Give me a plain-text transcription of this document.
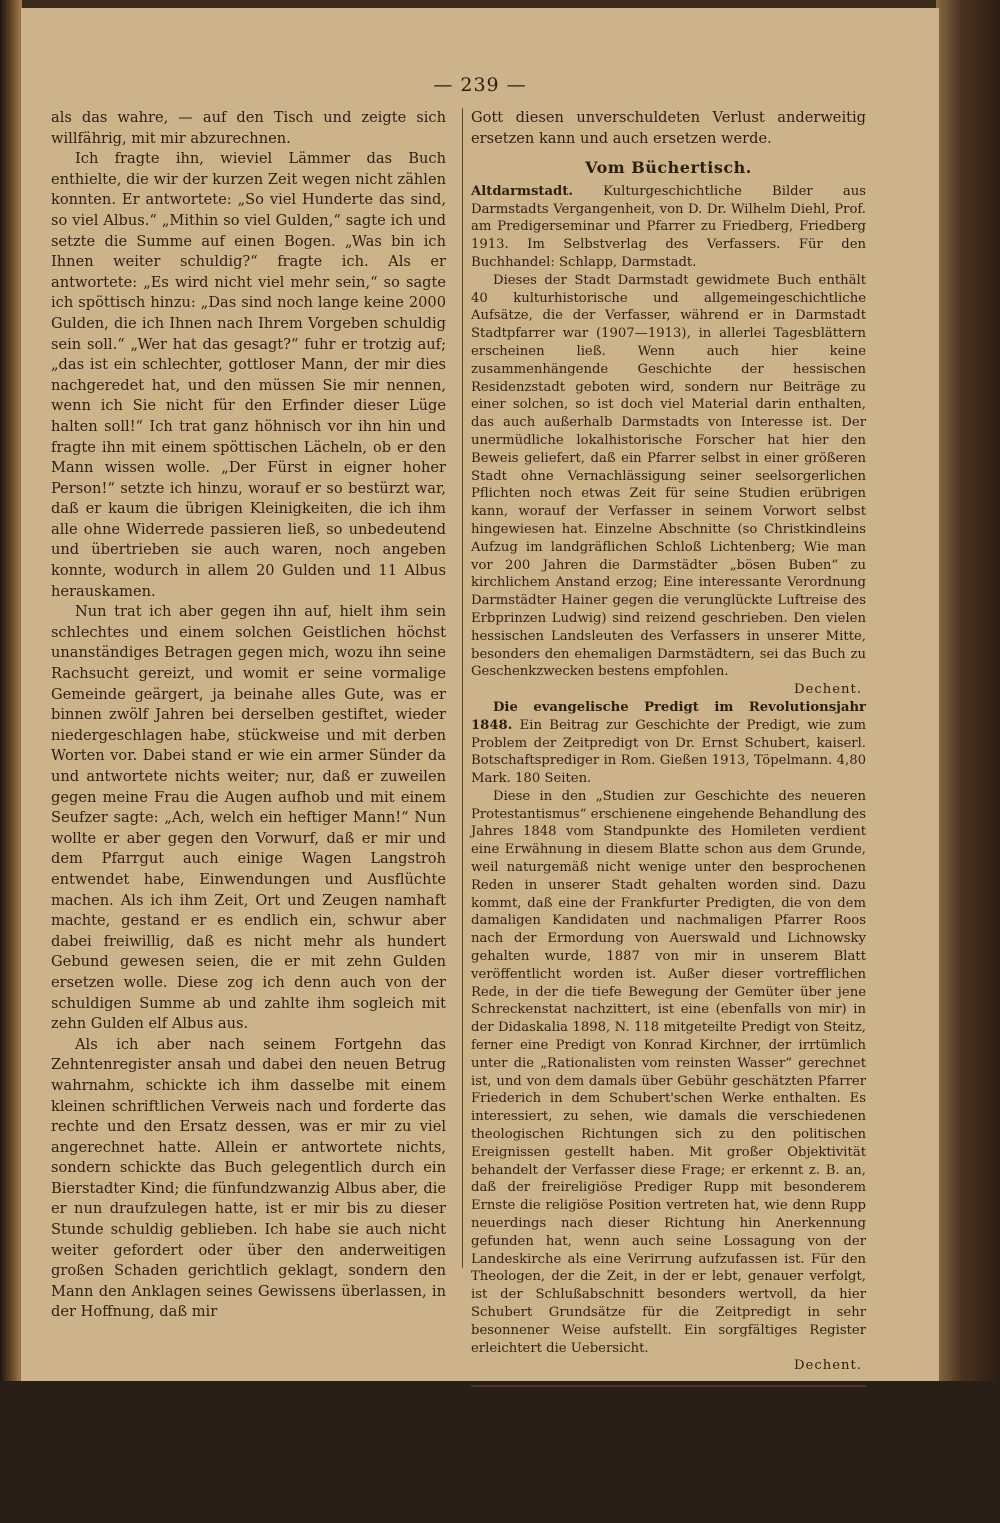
— 239 —

als das wahre, — auf den Tisch und zeigte sich willfährig, mit mir abzurechnen.

Ich fragte ihn, wieviel Lämmer das Buch enthielte, die wir der kurzen Zeit wegen nicht zählen konnten. Er antwortete: „So viel Hunderte das sind, so viel Albus.“ „Mithin so viel Gulden,“ sagte ich und setzte die Summe auf einen Bogen. „Was bin ich Ihnen weiter schuldig?“ fragte ich. Als er antwortete: „Es wird nicht viel mehr sein,“ so sagte ich spöttisch hinzu: „Das sind noch lange keine 2000 Gulden, die ich Ihnen nach Ihrem Vorgeben schuldig sein soll.“ „Wer hat das gesagt?“ fuhr er trotzig auf; „das ist ein schlechter, gottloser Mann, der mir dies nachgeredet hat, und den müssen Sie mir nennen, wenn ich Sie nicht für den Erfinder dieser Lüge halten soll!“ Ich trat ganz höhnisch vor ihn hin und fragte ihn mit einem spöttischen Lächeln, ob er den Mann wissen wolle. „Der Fürst in eigner hoher Person!“ setzte ich hinzu, worauf er so bestürzt war, daß er kaum die übrigen Kleinigkeiten, die ich ihm alle ohne Widerrede passieren ließ, so unbedeutend und übertrieben sie auch waren, noch angeben konnte, wodurch in allem 20 Gulden und 11 Albus herauskamen.

Nun trat ich aber gegen ihn auf, hielt ihm sein schlechtes und einem solchen Geistlichen höchst unanständiges Betragen gegen mich, wozu ihn seine Rachsucht gereizt, und womit er seine vormalige Gemeinde geärgert, ja beinahe alles Gute, was er binnen zwölf Jahren bei derselben gestiftet, wieder niedergeschlagen habe, stückweise und mit derben Worten vor. Dabei stand er wie ein armer Sünder da und antwortete nichts weiter; nur, daß er zuweilen gegen meine Frau die Augen aufhob und mit einem Seufzer sagte: „Ach, welch ein heftiger Mann!“ Nun wollte er aber gegen den Vorwurf, daß er mir und dem Pfarrgut auch einige Wagen Langstroh entwendet habe, Einwendungen und Ausflüchte machen. Als ich ihm Zeit, Ort und Zeugen namhaft machte, gestand er es endlich ein, schwur aber dabei freiwillig, daß es nicht mehr als hundert Gebund gewesen seien, die er mit zehn Gulden ersetzen wolle. Diese zog ich denn auch von der schuldigen Summe ab und zahlte ihm sogleich mit zehn Gulden elf Albus aus.

Als ich aber nach seinem Fortgehn das Zehntenregister ansah und dabei den neuen Betrug wahrnahm, schickte ich ihm dasselbe mit einem kleinen schriftlichen Verweis nach und forderte das rechte und den Ersatz dessen, was er mir zu viel angerechnet hatte. Allein er antwortete nichts, sondern schickte das Buch gelegentlich durch ein Bierstadter Kind; die fünfundzwanzig Albus aber, die er nun draufzulegen hatte, ist er mir bis zu dieser Stunde schuldig geblieben. Ich habe sie auch nicht weiter gefordert oder über den anderweitigen großen Schaden gerichtlich geklagt, sondern den Mann den Anklagen seines Gewissens überlassen, in der Hoffnung, daß mir

Gott diesen unverschuldeten Verlust anderweitig ersetzen kann und auch ersetzen werde.

Vom Büchertisch.

Altdarmstadt. Kulturgeschichtliche Bilder aus Darmstadts Vergangenheit, von D. Dr. Wilhelm Diehl, Prof. am Predigerseminar und Pfarrer zu Friedberg, Friedberg 1913. Im Selbstverlag des Verfassers. Für den Buchhandel: Schlapp, Darmstadt.

Dieses der Stadt Darmstadt gewidmete Buch enthält 40 kulturhistorische und allgemeingeschichtliche Aufsätze, die der Verfasser, während er in Darmstadt Stadtpfarrer war (1907—1913), in allerlei Tagesblättern erscheinen ließ. Wenn auch hier keine zusammenhängende Geschichte der hessischen Residenzstadt geboten wird, sondern nur Beiträge zu einer solchen, so ist doch viel Material darin enthalten, das auch außerhalb Darmstadts von Interesse ist. Der unermüdliche lokalhistorische Forscher hat hier den Beweis geliefert, daß ein Pfarrer selbst in einer größeren Stadt ohne Vernachlässigung seiner seelsorgerlichen Pflichten noch etwas Zeit für seine Studien erübrigen kann, worauf der Verfasser in seinem Vorwort selbst hingewiesen hat. Einzelne Abschnitte (so Christkindleins Aufzug im landgräflichen Schloß Lichtenberg; Wie man vor 200 Jahren die Darmstädter „bösen Buben“ zu kirchlichem Anstand erzog; Eine interessante Verordnung Darmstädter Hainer gegen die verunglückte Luftreise des Erbprinzen Ludwig) sind reizend geschrieben. Den vielen hessischen Landsleuten des Verfassers in unserer Mitte, besonders den ehemaligen Darmstädtern, sei das Buch zu Geschenkzwecken bestens empfohlen.

Dechent.

Die evangelische Predigt im Revolutionsjahr 1848. Ein Beitrag zur Geschichte der Predigt, wie zum Problem der Zeitpredigt von Dr. Ernst Schubert, kaiserl. Botschaftsprediger in Rom. Gießen 1913, Töpelmann. 4,80 Mark. 180 Seiten.

Diese in den „Studien zur Geschichte des neueren Protestantismus“ erschienene eingehende Behandlung des Jahres 1848 vom Standpunkte des Homileten verdient eine Erwähnung in diesem Blatte schon aus dem Grunde, weil naturgemäß nicht wenige unter den besprochenen Reden in unserer Stadt gehalten worden sind. Dazu kommt, daß eine der Frankfurter Predigten, die von dem damaligen Kandidaten und nachmaligen Pfarrer Roos nach der Ermordung von Auerswald und Lichnowsky gehalten wurde, 1887 von mir in unserem Blatt veröffentlicht worden ist. Außer dieser vortrefflichen Rede, in der die tiefe Bewegung der Gemüter über jene Schreckenstat nachzittert, ist eine (ebenfalls von mir) in der Didaskalia 1898, N. 118 mitgeteilte Predigt von Steitz, ferner eine Predigt von Konrad Kirchner, der irrtümlich unter die „Rationalisten vom reinsten Wasser“ gerechnet ist, und von dem damals über Gebühr geschätzten Pfarrer Friederich in dem Schubert'schen Werke enthalten. Es interessiert, zu sehen, wie damals die verschiedenen theologischen Richtungen sich zu den politischen Ereignissen gestellt haben. Mit großer Objektivität behandelt der Verfasser diese Frage; er erkennt z. B. an, daß der freireligiöse Prediger Rupp mit besonderem Ernste die religiöse Position vertreten hat, wie denn Rupp neuerdings nach dieser Richtung hin Anerkennung gefunden hat, wenn auch seine Lossagung von der Landeskirche als eine Verirrung aufzufassen ist. Für den Theologen, der die Zeit, in der er lebt, genauer verfolgt, ist der Schlußabschnitt besonders wertvoll, da hier Schubert Grundsätze für die Zeitpredigt in sehr besonnener Weise aufstellt. Ein sorgfältiges Register erleichtert die Uebersicht.

Dechent.
Waldgottesdienst auf d. Oberschweinstiege.
Sonntag, den 26. Juli 1914, vormittags 9½ Uhr.
Predigt: Pfarrer Saul.
Thema: Gott und die Natur.
Ein Waldbahnzug fährt ab Textorstr. um 9 Uhr.
